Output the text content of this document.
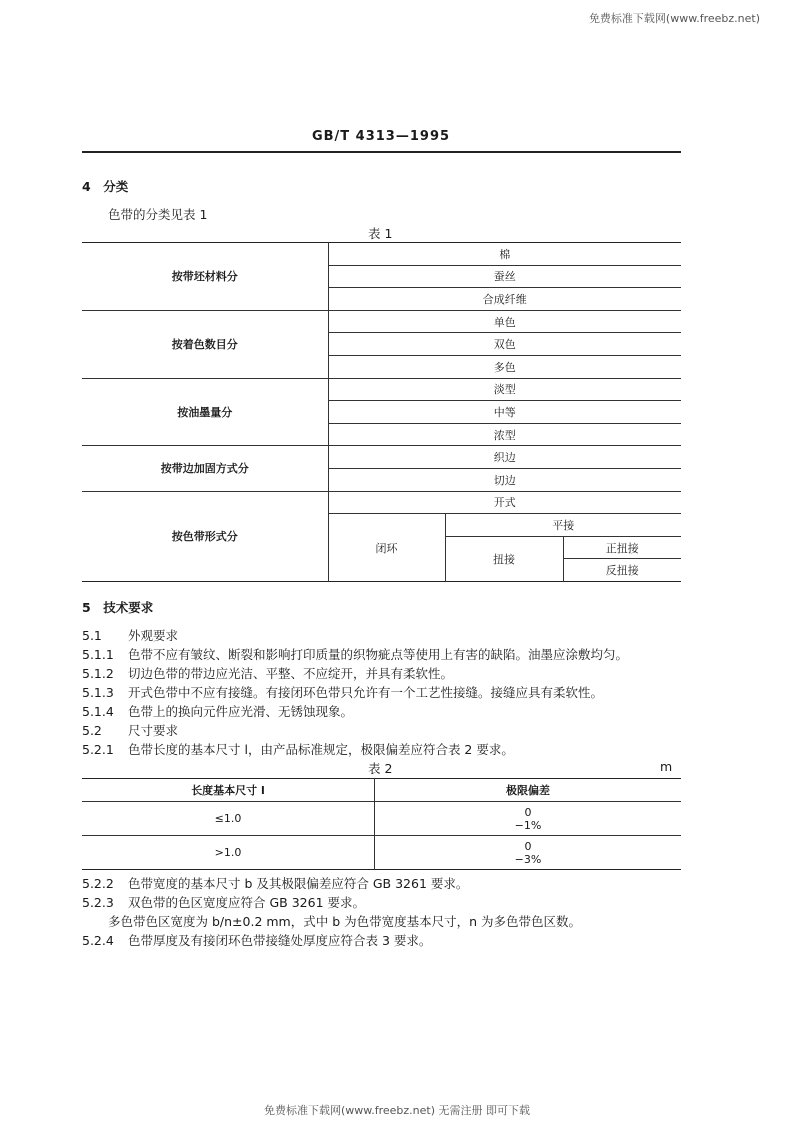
免费标准下载网(www.freebz.net)
GB/T 4313—1995
4　分类
色带的分类见表 1
表 1
按带坯材料分	棉		
	蚕丝		
	合成纤维		
按着色数目分	单色		
	双色		
	多色		
按油墨量分	淡型		
	中等		
	浓型		
按带边加固方式分	织边		
	切边		
按色带形式分	开式		
	闭环	平接	
		扭接	正扭接
			反扭接
5　技术要求
5.1 外观要求
5.1.1 色带不应有皱纹、断裂和影响打印质量的织物疵点等使用上有害的缺陷。油墨应涂敷均匀。
5.1.2 切边色带的带边应光洁、平整、不应绽开，并具有柔软性。
5.1.3 开式色带中不应有接缝。有接闭环色带只允许有一个工艺性接缝。接缝应具有柔软性。
5.1.4 色带上的换向元件应光滑、无锈蚀现象。
5.2 尺寸要求
5.2.1 色带长度的基本尺寸 l，由产品标准规定，极限偏差应符合表 2 要求。
表 2	m
长度基本尺寸 l	极限偏差
≤1.0	0
−1%

>1.0	0
−3%
5.2.2 色带宽度的基本尺寸 b 及其极限偏差应符合 GB 3261 要求。
5.2.3 双色带的色区宽度应符合 GB 3261 要求。
多色带色区宽度为 b/n±0.2 mm，式中 b 为色带宽度基本尺寸，n 为多色带色区数。
5.2.4 色带厚度及有接闭环色带接缝处厚度应符合表 3 要求。
免费标准下载网(www.freebz.net) 无需注册 即可下载
